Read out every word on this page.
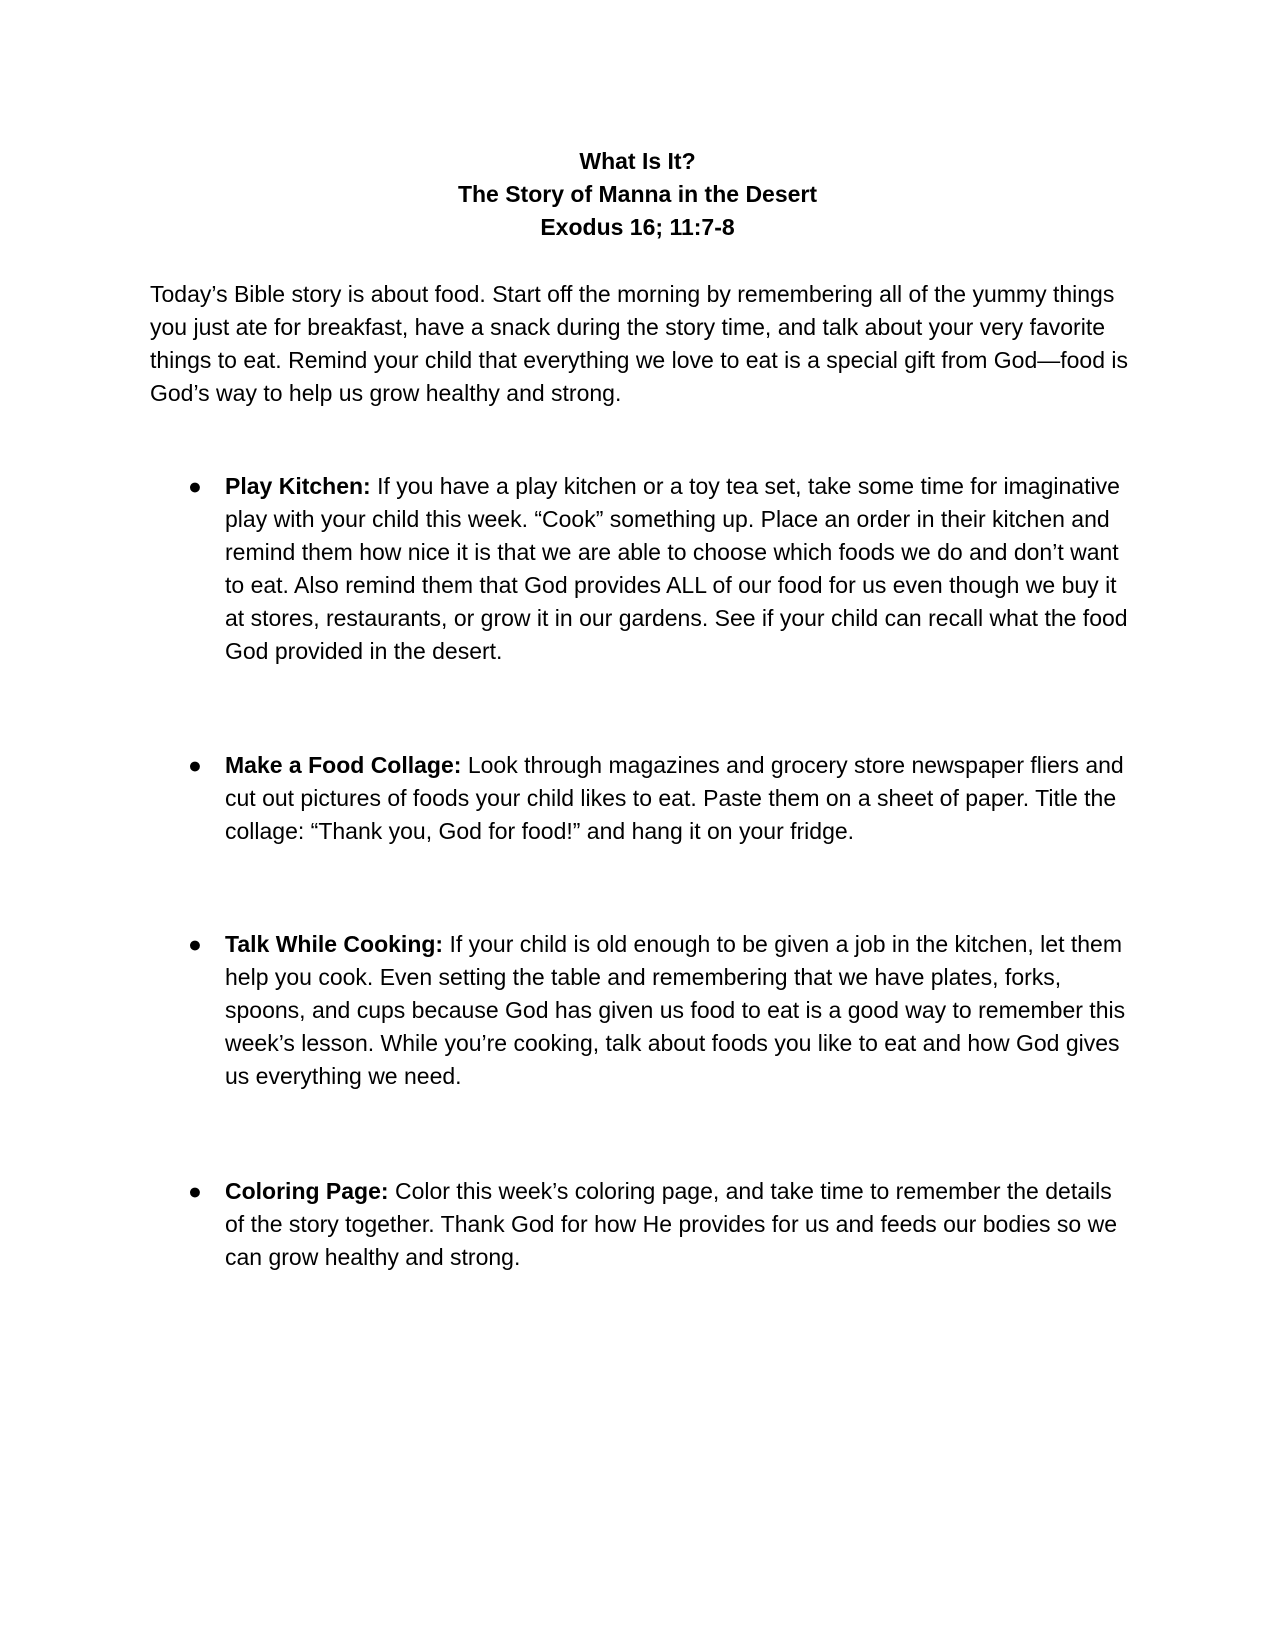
What Is It?
The Story of Manna in the Desert
Exodus 16; 11:7-8

Today’s Bible story is about food. Start off the morning by remembering all of the yummy things you just ate for breakfast, have a snack during the story time, and talk about your very favorite things to eat. Remind your child that everything we love to eat is a special gift from God—food is God’s way to help us grow healthy and strong.

● Play Kitchen: If you have a play kitchen or a toy tea set, take some time for imaginative play with your child this week. “Cook” something up. Place an order in their kitchen and remind them how nice it is that we are able to choose which foods we do and don’t want to eat. Also remind them that God provides ALL of our food for us even though we buy it at stores, restaurants, or grow it in our gardens. See if your child can recall what the food God provided in the desert.
● Make a Food Collage: Look through magazines and grocery store newspaper fliers and cut out pictures of foods your child likes to eat. Paste them on a sheet of paper. Title the collage: “Thank you, God for food!” and hang it on your fridge.
● Talk While Cooking: If your child is old enough to be given a job in the kitchen, let them help you cook. Even setting the table and remembering that we have plates, forks, spoons, and cups because God has given us food to eat is a good way to remember this week’s lesson. While you’re cooking, talk about foods you like to eat and how God gives us everything we need.
● Coloring Page: Color this week’s coloring page, and take time to remember the details of the story together. Thank God for how He provides for us and feeds our bodies so we can grow healthy and strong.
